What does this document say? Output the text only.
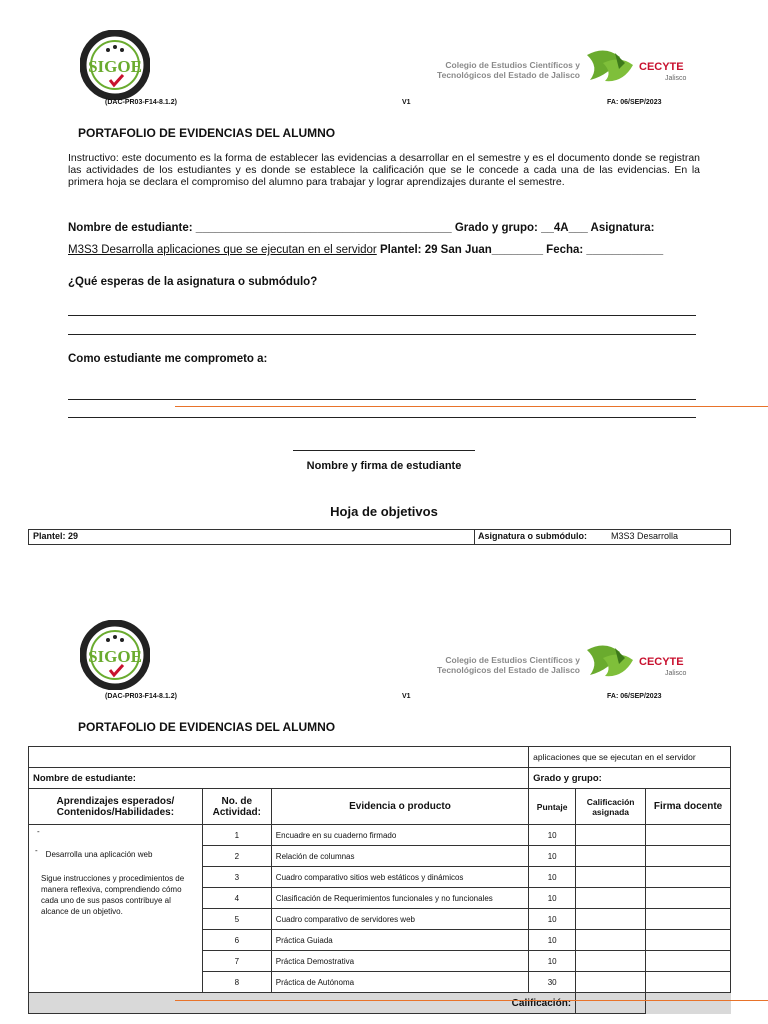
SIGOE	Colegio de Estudios Científicos y
Tecnológicos del Estado de Jalisco
CECYTE
Jalisco
(DAC-PR03-F14-8.1.2)	V1	FA: 06/SEP/2023
PORTAFOLIO DE EVIDENCIAS DEL ALUMNO
Instructivo: este documento es la forma de establecer las evidencias a desarrollar en el semestre y es el documento donde se registran las actividades de los estudiantes y es donde se establece la calificación que se le concede a cada una de las evidencias. En la primera hoja se declara el compromiso del alumno para trabajar y lograr aprendizajes durante el semestre.
Nombre de estudiante: ________________________________________ Grado y grupo: __4A___ Asignatura:
M3S3 Desarrolla aplicaciones que se ejecutan en el servidor Plantel: 29 San Juan________ Fecha: ____________
¿Qué esperas de la asignatura o submódulo?
Como estudiante me comprometo a:
Nombre y firma de estudiante
Hoja de objetivos
Plantel: 29	Asignatura o submódulo:	M3S3 Desarrolla
SIGOE	Colegio de Estudios Científicos y
Tecnológicos del Estado de Jalisco
CECYTE
Jalisco
(DAC-PR03-F14-8.1.2)	V1	FA: 06/SEP/2023
PORTAFOLIO DE EVIDENCIAS DEL ALUMNO
			aplicaciones que se ejecutan en el servidor		
Nombre de estudiante:			Grado y grupo:		
Aprendizajes esperados/ Contenidos/Habilidades:	No. de Actividad:	Evidencia o producto	Puntaje	Calificación asignada	Firma docente

-
- Desarrolla una aplicación web
Sigue instrucciones y procedimientos de manera reflexiva, comprendiendo cómo cada uno de sus pasos contribuye al alcance de un objetivo.	1	Encuadre en su cuaderno firmado	10		
	2	Relación de columnas	10		
	3	Cuadro comparativo sitios web estáticos y dinámicos	10		
	4	Clasificación de Requerimientos funcionales y no funcionales	10		
	5	Cuadro comparativo de servidores web	10		
	6	Práctica Guiada	10		
	7	Práctica Demostrativa	10		
	8	Práctica de Autónoma	30		
Calificación:					
